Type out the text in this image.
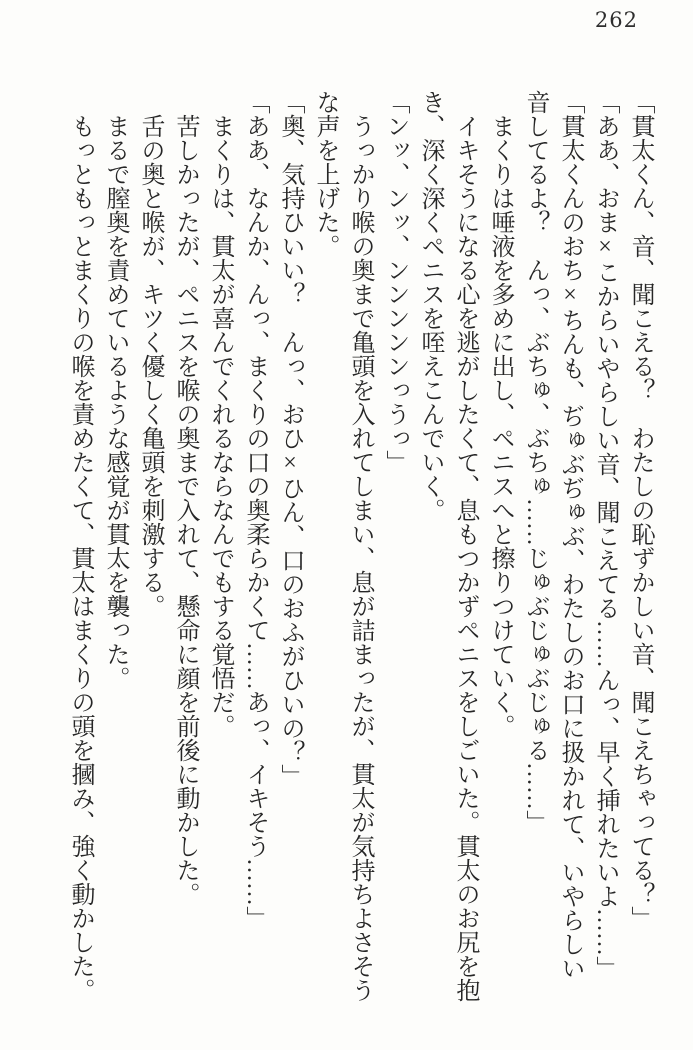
262

「貫太くん、音、聞こえる？　わたしの恥ずかしい音、聞こえちゃってる？」

「ああ、おま×こからいやらしい音、聞こえてる……んっ、早く挿れたいよ……」

「貫太くんのおち×ちんも、ぢゅぶぢゅぶ、わたしのお口に扱かれて、いやらしい音してるよ？　んっ、ぶちゅ、ぶちゅ……じゅぶじゅぶじゅる……」

まくりは唾液を多めに出し、ペニスへと擦りつけていく。

イキそうになる心を逃がしたくて、息もつかずペニスをしごいた。貫太のお尻を抱き、深く深くペニスを咥えこんでいく。

「ンッ、ンッ、ンンンンンっうっ」

うっかり喉の奥まで亀頭を入れてしまい、息が詰まったが、貫太が気持ちよさそうな声を上げた。

「奥、気持ひいい？　んっ、おひ×ひん、口のおふがひいの？」

「ああ、なんか、んっ、まくりの口の奥柔らかくて……あっ、イキそう……」

まくりは、貫太が喜んでくれるならなんでもする覚悟だ。

苦しかったが、ペニスを喉の奥まで入れて、懸命に顔を前後に動かした。

舌の奥と喉が、キツく優しく亀頭を刺激する。

まるで膣奥を責めているような感覚が貫太を襲った。

もっともっとまくりの喉を責めたくて、貫太はまくりの頭を摑み、強く動かした。
